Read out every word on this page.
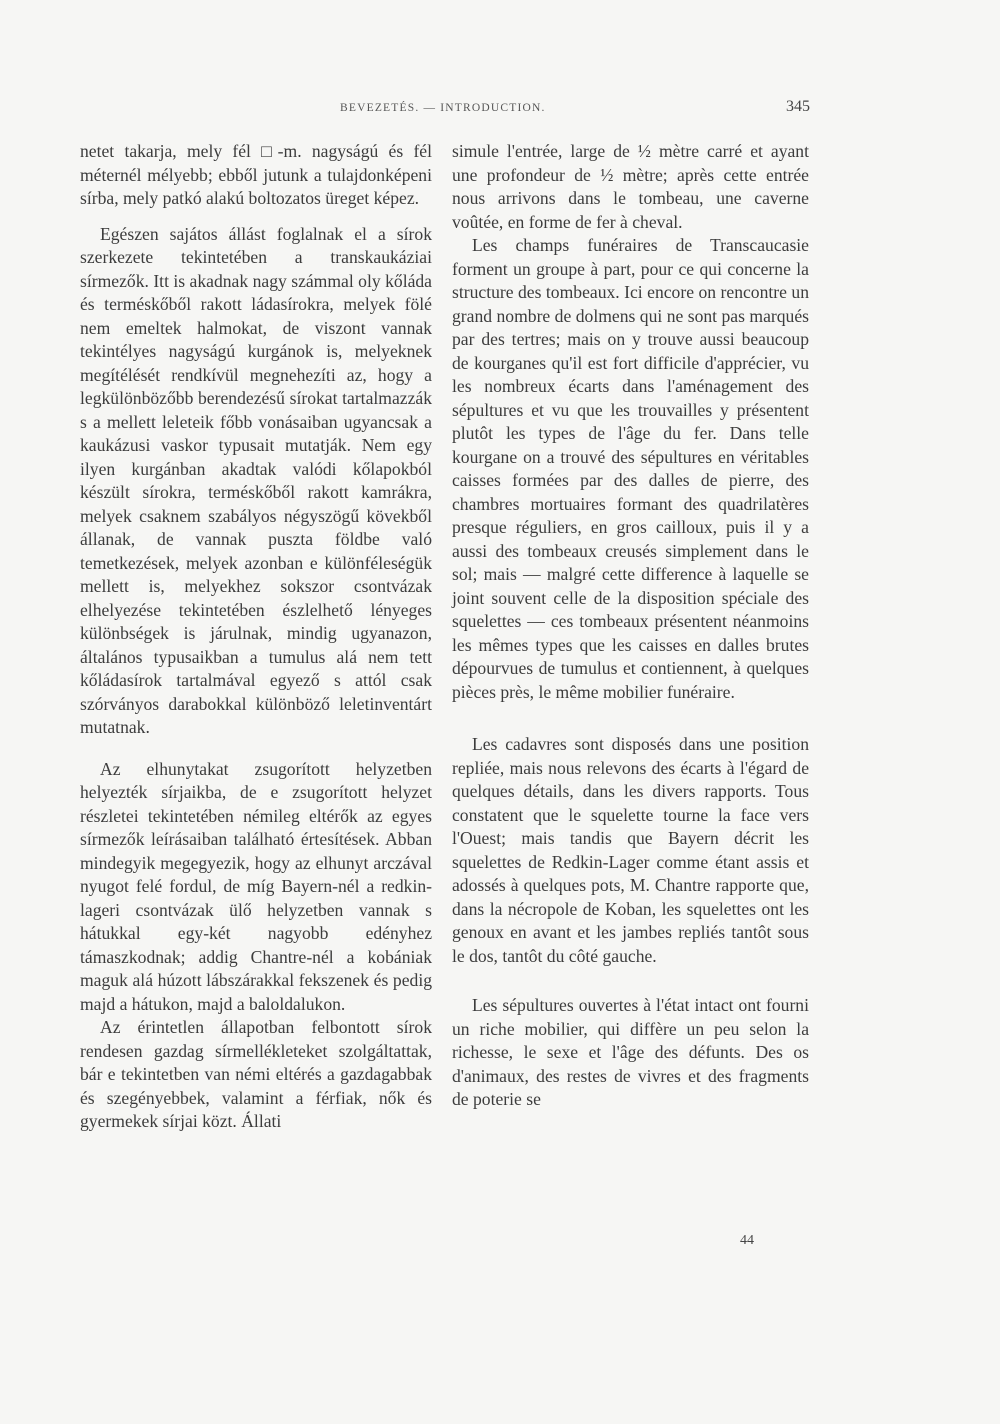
BEVEZETÉS. — INTRODUCTION.	345

netet takarja, mely fél □-m. nagyságú és fél méternél mélyebb; ebből jutunk a tulajdonképeni sírba, mely patkó alakú boltozatos üreget képez.

Egészen sajátos állást foglalnak el a sírok szerkezete tekintetében a transkaukáziai sírmezők. Itt is akadnak nagy számmal oly kőláda és terméskőből rakott ládasírokra, melyek fölé nem emeltek halmokat, de viszont vannak tekintélyes nagyságú kurgánok is, melyeknek megítélését rendkívül megnehezíti az, hogy a legkülönbözőbb berendezésű sírokat tartalmazzák s a mellett leleteik főbb vonásaiban ugyancsak a kaukázusi vaskor typusait mutatják. Nem egy ilyen kurgánban akadtak valódi kőlapokból készült sírokra, terméskőből rakott kamrákra, melyek csaknem szabályos négyszögű kövekből állanak, de vannak puszta földbe való temetkezések, melyek azonban e különféleségük mellett is, melyekhez sokszor csontvázak elhelyezése tekintetében észlelhető lényeges különbségek is járulnak, mindig ugyanazon, általános typusaikban a tumulus alá nem tett kőládasírok tartalmával egyező s attól csak szórványos darabokkal különböző leletinventárt mutatnak.

Az elhunytakat zsugorított helyzetben helyezték sírjaikba, de e zsugorított helyzet részletei tekintetében némileg eltérők az egyes sírmezők leírásaiban található értesítések. Abban mindegyik megegyezik, hogy az elhunyt arczával nyugot felé fordul, de míg Bayern-nél a redkin-lageri csontvázak ülő helyzetben vannak s hátukkal egy-két nagyobb edényhez támaszkodnak; addig Chantre-nél a kobániak maguk alá húzott lábszárakkal fekszenek és pedig majd a hátukon, majd a baloldalukon.

Az érintetlen állapotban felbontott sírok rendesen gazdag sírmellékleteket szolgáltattak, bár e tekintetben van némi eltérés a gazdagabbak és szegényebbek, valamint a férfiak, nők és gyermekek sírjai közt. Állati

simule l'entrée, large de ½ mètre carré et ayant une profondeur de ½ mètre; après cette entrée nous arrivons dans le tombeau, une caverne voûtée, en forme de fer à cheval.

Les champs funéraires de Transcaucasie forment un groupe à part, pour ce qui concerne la structure des tombeaux. Ici encore on rencontre un grand nombre de dolmens qui ne sont pas marqués par des tertres; mais on y trouve aussi beaucoup de kourganes qu'il est fort difficile d'apprécier, vu les nombreux écarts dans l'aménagement des sépultures et vu que les trouvailles y présentent plutôt les types de l'âge du fer. Dans telle kourgane on a trouvé des sépultures en véritables caisses formées par des dalles de pierre, des chambres mortuaires formant des quadrilatères presque réguliers, en gros cailloux, puis il y a aussi des tombeaux creusés simplement dans le sol; mais — malgré cette difference à laquelle se joint souvent celle de la disposition spéciale des squelettes — ces tombeaux présentent néanmoins les mêmes types que les caisses en dalles brutes dépourvues de tumulus et contiennent, à quelques pièces près, le même mobilier funéraire.

Les cadavres sont disposés dans une position repliée, mais nous relevons des écarts à l'égard de quelques détails, dans les divers rapports. Tous constatent que le squelette tourne la face vers l'Ouest; mais tandis que Bayern décrit les squelettes de Redkin-Lager comme étant assis et adossés à quelques pots, M. Chantre rapporte que, dans la nécropole de Koban, les squelettes ont les genoux en avant et les jambes repliés tantôt sous le dos, tantôt du côté gauche.

Les sépultures ouvertes à l'état intact ont fourni un riche mobilier, qui diffère un peu selon la richesse, le sexe et l'âge des défunts. Des os d'animaux, des restes de vivres et des fragments de poterie se

44
